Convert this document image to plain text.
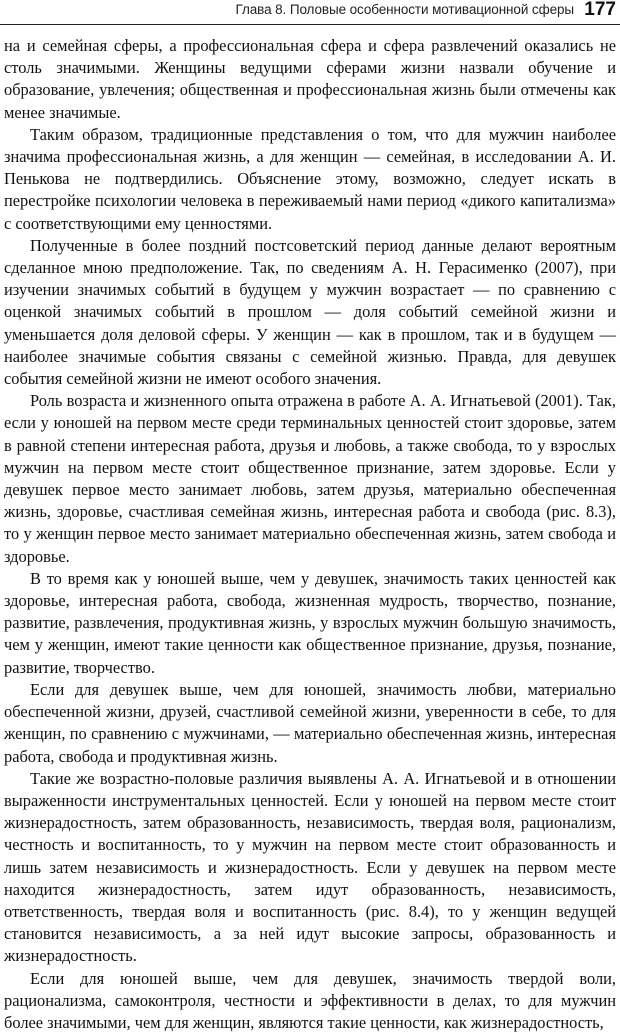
Глава 8. Половые особенности мотивационной сферы 177

на и семейная сферы, а профессиональная сфера и сфера развлечений оказались не столь значимыми. Женщины ведущими сферами жизни назвали обучение и образование, увлечения; общественная и профессиональная жизнь были отмечены как менее значимые.

Таким образом, традиционные представления о том, что для мужчин наиболее значима профессиональная жизнь, а для женщин — семейная, в исследовании А. И. Пенькова не подтвердились. Объяснение этому, возможно, следует искать в перестройке психологии человека в переживаемый нами период «дикого капитализма» с соответствующими ему ценностями.

Полученные в более поздний постсоветский период данные делают вероятным сделанное мною предположение. Так, по сведениям А. Н. Герасименко (2007), при изучении значимых событий в будущем у мужчин возрастает — по сравнению с оценкой значимых событий в прошлом — доля событий семейной жизни и уменьшается доля деловой сферы. У женщин — как в прошлом, так и в будущем — наиболее значимые события связаны с семейной жизнью. Правда, для девушек события семейной жизни не имеют особого значения.

Роль возраста и жизненного опыта отражена в работе А. А. Игнатьевой (2001). Так, если у юношей на первом месте среди терминальных ценностей стоит здоровье, затем в равной степени интересная работа, друзья и любовь, а также свобода, то у взрослых мужчин на первом месте стоит общественное признание, затем здоровье. Если у девушек первое место занимает любовь, затем друзья, материально обеспеченная жизнь, здоровье, счастливая семейная жизнь, интересная работа и свобода (рис. 8.3), то у женщин первое место занимает материально обеспеченная жизнь, затем свобода и здоровье.

В то время как у юношей выше, чем у девушек, значимость таких ценностей как здоровье, интересная работа, свобода, жизненная мудрость, творчество, познание, развитие, развлечения, продуктивная жизнь, у взрослых мужчин большую значимость, чем у женщин, имеют такие ценности как общественное признание, друзья, познание, развитие, творчество.

Если для девушек выше, чем для юношей, значимость любви, материально обеспеченной жизни, друзей, счастливой семейной жизни, уверенности в себе, то для женщин, по сравнению с мужчинами, — материально обеспеченная жизнь, интересная работа, свобода и продуктивная жизнь.

Такие же возрастно-половые различия выявлены А. А. Игнатьевой и в отношении выраженности инструментальных ценностей. Если у юношей на первом месте стоит жизнерадостность, затем образованность, независимость, твердая воля, рационализм, честность и воспитанность, то у мужчин на первом месте стоит образованность и лишь затем независимость и жизнерадостность. Если у девушек на первом месте находится жизнерадостность, затем идут образованность, независимость, ответственность, твердая воля и воспитанность (рис. 8.4), то у женщин ведущей становится независимость, а за ней идут высокие запросы, образованность и жизнерадостность.

Если для юношей выше, чем для девушек, значимость твердой воли, рационализма, самоконтроля, честности и эффективности в делах, то для мужчин более значимыми, чем для женщин, являются такие ценности, как жизнерадостность,
